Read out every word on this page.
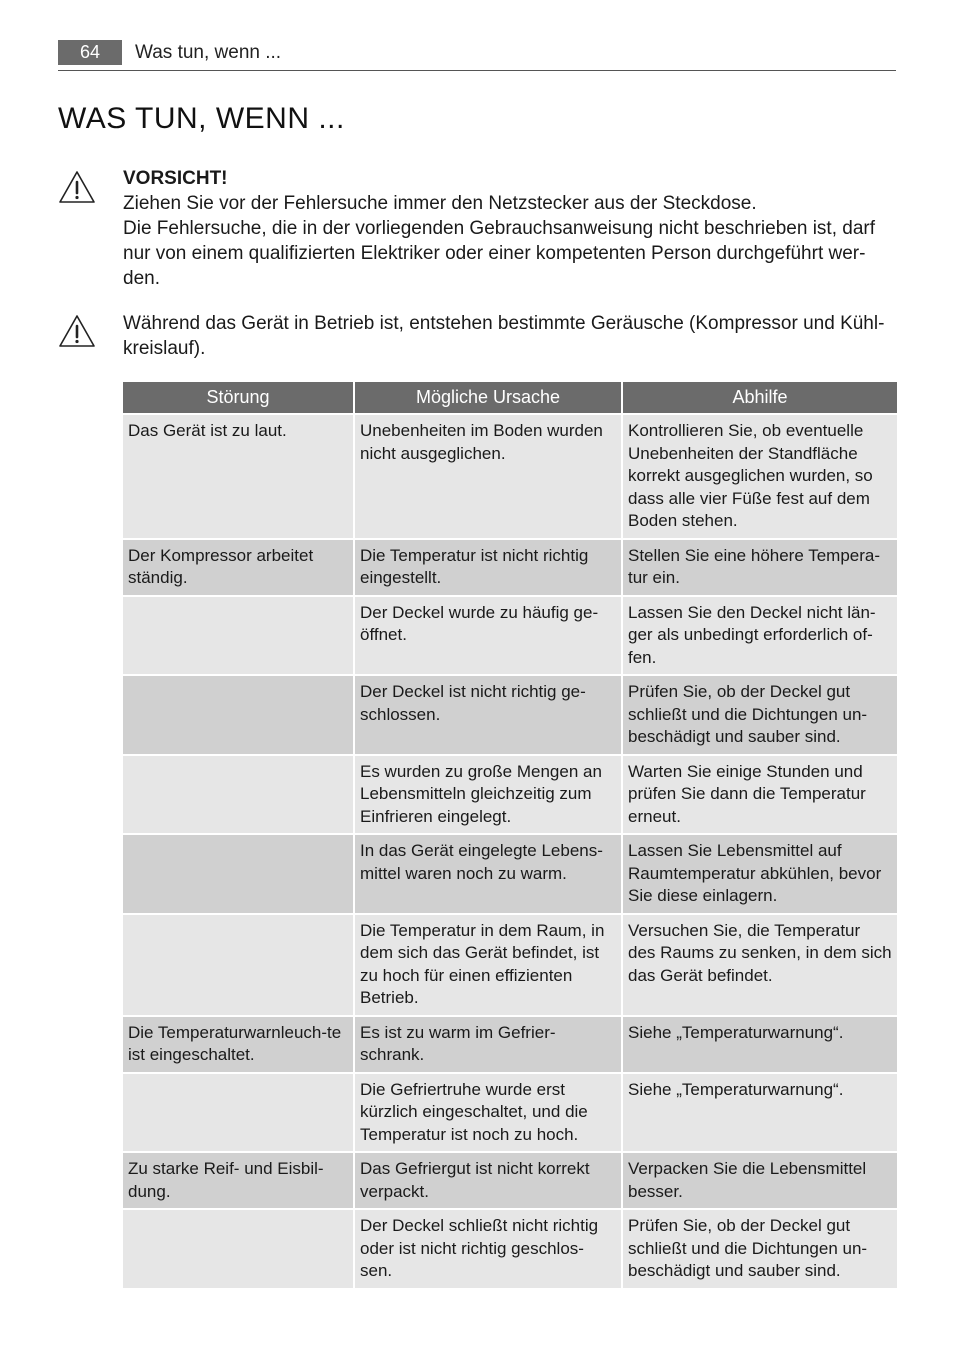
64	Was tun, wenn ...
WAS TUN, WENN ...
VORSICHT!
Ziehen Sie vor der Fehlersuche immer den Netzstecker aus der Steckdose.
Die Fehlersuche, die in der vorliegenden Gebrauchsanweisung nicht beschrieben ist, darf
nur von einem qualifizierten Elektriker oder einer kompetenten Person durchgeführt wer-
den.
Während das Gerät in Betrieb ist, entstehen bestimmte Geräusche (Kompressor und Kühl-
kreislauf).
Störung	Mögliche Ursache	Abhilfe
Das Gerät ist zu laut.	Unebenheiten im Boden wurden nicht ausgeglichen.	Kontrollieren Sie, ob eventuelle Unebenheiten der Standfläche korrekt ausgeglichen wurden, so dass alle vier Füße fest auf dem Boden stehen.
Der Kompressor arbeitet ständig.	Die Temperatur ist nicht richtig eingestellt.	Stellen Sie eine höhere Tempera-tur ein.
	Der Deckel wurde zu häufig ge-öffnet.	Lassen Sie den Deckel nicht län-ger als unbedingt erforderlich of-fen.
	Der Deckel ist nicht richtig ge-schlossen.	Prüfen Sie, ob der Deckel gut schließt und die Dichtungen un-beschädigt und sauber sind.
	Es wurden zu große Mengen an Lebensmitteln gleichzeitig zum Einfrieren eingelegt.	Warten Sie einige Stunden und prüfen Sie dann die Temperatur erneut.
	In das Gerät eingelegte Lebens-mittel waren noch zu warm.	Lassen Sie Lebensmittel auf Raumtemperatur abkühlen, bevor Sie diese einlagern.
	Die Temperatur in dem Raum, in dem sich das Gerät befindet, ist zu hoch für einen effizienten Betrieb.	Versuchen Sie, die Temperatur des Raums zu senken, in dem sich das Gerät befindet.
Die Temperaturwarnleuch-te ist eingeschaltet.	Es ist zu warm im Gefrier-schrank.	Siehe „Temperaturwarnung“.
	Die Gefriertruhe wurde erst kürzlich eingeschaltet, und die Temperatur ist noch zu hoch.	Siehe „Temperaturwarnung“.
Zu starke Reif- und Eisbil-dung.	Das Gefriergut ist nicht korrekt verpackt.	Verpacken Sie die Lebensmittel besser.
	Der Deckel schließt nicht richtig oder ist nicht richtig geschlos-sen.	Prüfen Sie, ob der Deckel gut schließt und die Dichtungen un-beschädigt und sauber sind.
